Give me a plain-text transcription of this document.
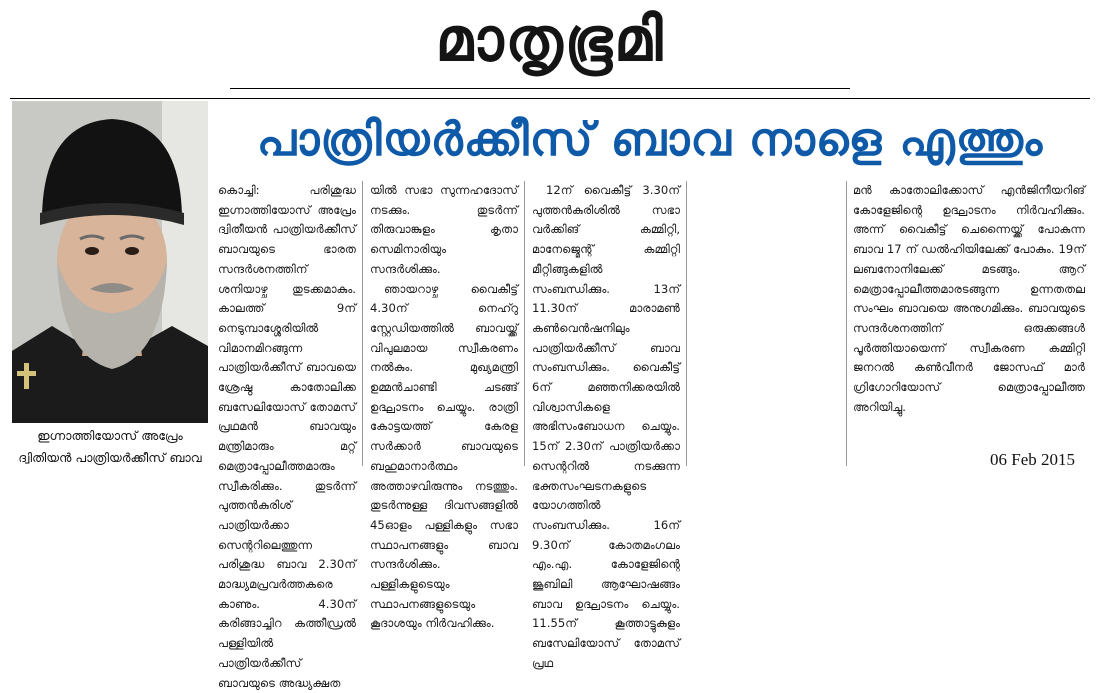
മാതൃഭൂമി
പാത്രിയർക്കീസ് ബാവ നാളെ എത്തും
ഇഗ്നാത്തിയോസ് അപ്രേം
ദ്വിതിയൻ പാത്രിയർക്കീസ് ബാവ

കൊച്ചി: പരിശുദ്ധ ഇഗ്നാത്തിയോസ് അപ്രേം ദ്വിതീയൻ പാത്രിയർക്കീസ് ബാവയുടെ ഭാരത സന്ദർശനത്തിന് ശനിയാഴ്ച തുടക്കമാകും. കാലത്ത് 9ന് നെടുമ്പാശ്ശേരിയിൽ വിമാനമിറങ്ങുന്ന പാത്രിയർക്കീസ് ബാവയെ ശ്രേഷ്ഠ കാതോലിക്ക ബസേലിയോസ് തോമസ് പ്രഥമൻ ബാവയും മന്ത്രിമാരും മറ്റ് മെത്രാപ്പോലീത്തമാരും സ്വീകരിക്കും. തുടർന്ന് പുത്തൻകുരിശ് പാത്രിയർക്കാ സെന്ററിലെത്തുന്ന പരിശുദ്ധ ബാവ 2.30ന് മാദ്ധ്യമപ്രവർത്തകരെ കാണും. 4.30ന് കരിങ്ങാച്ചിറ കത്തീഡ്രൽ പള്ളിയിൽ പാത്രിയർക്കീസ് ബാവയുടെ അദ്ധ്യക്ഷത

യിൽ സഭാ സുന്നഹദോസ് നടക്കും. തുടർന്ന് തിരുവാങ്കുളം കൃതാ സെമിനാരിയും സന്ദർശിക്കും.

ഞായറാഴ്ച വൈകീട്ട് 4.30ന് നെഹ്റു സ്റ്റേഡിയത്തിൽ ബാവയ്ക്ക് വിപുലമായ സ്വീകരണം നൽകും. മുഖ്യമന്ത്രി ഉമ്മൻചാണ്ടി ചടങ്ങ് ഉദ്ഘാടനം ചെയ്യും. രാത്രി കോട്ടയത്ത് കേരള സർക്കാർ ബാവയുടെ ബഹുമാനാർത്ഥം അത്താഴവിരുന്നും നടത്തും. തുടർന്നുള്ള ദിവസങ്ങളിൽ 45ഓളം പള്ളികളും സഭാ സ്ഥാപനങ്ങളും ബാവ സന്ദർശിക്കും. പള്ളികളുടെയും സ്ഥാപനങ്ങളുടെയും കൂദാശയും നിർവഹിക്കും.

12ന് വൈകീട്ട് 3.30ന് പുത്തൻകുരിശിൽ സഭാ വർക്കിങ് കമ്മിറ്റി, മാനേജ്മെന്റ് കമ്മിറ്റി മീറ്റിങ്ങുകളിൽ സംബന്ധിക്കും. 13ന് 11.30ന് മാരാമൺ കൺവെൻഷനിലും പാത്രിയർക്കീസ് ബാവ സംബന്ധിക്കും. വൈകീട്ട് 6ന് മഞ്ഞനിക്കരയിൽ വിശ്വാസികളെ അഭിസംബോധന ചെയ്യും. 15ന് 2.30ന് പാത്രിയർക്കാ സെന്ററിൽ നടക്കുന്ന ഭക്തസംഘടനകളുടെ യോഗത്തിൽ സംബന്ധിക്കും. 16ന് 9.30ന് കോതമംഗലം എം.എ. കോളേജിന്റെ ജൂബിലി ആഘോഷങ്ങം ബാവ ഉദ്ഘാടനം ചെയ്യും. 11.55ന് കൂത്താട്ടുകുളം ബസേലിയോസ് തോമസ് പ്രഥ

മൻ കാതോലിക്കോസ് എൻജിനീയറിങ് കോളേജിന്റെ ഉദ്ഘാടനം നിർവഹിക്കും. അന്ന് വൈകീട്ട് ചെന്നൈയ്ക്ക് പോകുന്ന ബാവ 17 ന് ഡൽഹിയിലേക്ക് പോകും. 19ന് ലബനോനിലേക്ക് മടങ്ങും. ആറ് മെത്രാപ്പോലീത്തമാരടങ്ങുന്ന ഉന്നതതല സംഘം ബാവയെ അനുഗമിക്കും. ബാവയുടെ സന്ദർശനത്തിന് ഒരുക്കങ്ങൾ പൂർത്തിയായെന്ന് സ്വീകരണ കമ്മിറ്റി ജനറൽ കൺവീനർ ജോസഫ് മാർ ഗ്രിഗോറിയോസ് മെത്രാപ്പോലീത്ത അറിയിച്ചു.

06 Feb 2015
